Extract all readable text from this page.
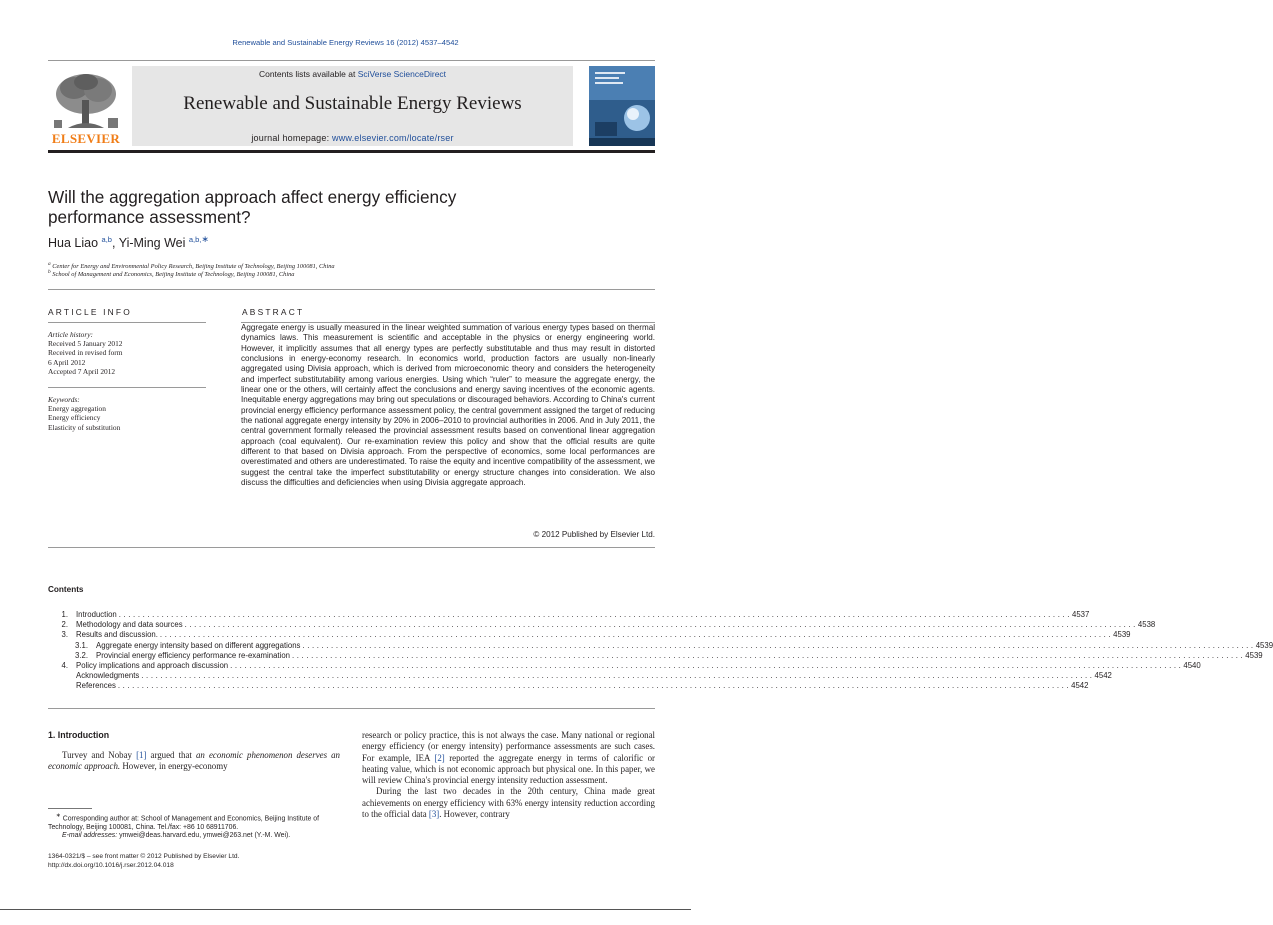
Renewable and Sustainable Energy Reviews 16 (2012) 4537–4542
ELSEVIER
Contents lists available at SciVerse ScienceDirect
Renewable and Sustainable Energy Reviews
journal homepage: www.elsevier.com/locate/rser
Will the aggregation approach affect energy efficiency performance assessment?
Hua Liao $^{a,b}$, Yi-Ming Wei $^{a,b,∗}$
$^a$ Center for Energy and Environmental Policy Research, Beijing Institute of Technology, Beijing 100081, China
$^b$ School of Management and Economics, Beijing Institute of Technology, Beijing 100081, China
ARTICLE INFO
Article history:
Received 5 January 2012
Received in revised form
6 April 2012
Accepted 7 April 2012
Keywords:
Energy aggregation
Energy efficiency
Elasticity of substitution
ABSTRACT
Aggregate energy is usually measured in the linear weighted summation of various energy types based on thermal dynamics laws. This measurement is scientific and acceptable in the physics or energy engineering world. However, it implicitly assumes that all energy types are perfectly substitutable and thus may result in distorted conclusions in energy-economy research. In economics world, production factors are usually non-linearly aggregated using Divisia approach, which is derived from microeconomic theory and considers the heterogeneity and imperfect substitutability among various energies. Using which “ruler” to measure the aggregate energy, the linear one or the others, will certainly affect the conclusions and energy saving incentives of the economic agents. Inequitable energy aggregations may bring out speculations or discouraged behaviors. According to China's current provincial energy efficiency performance assessment policy, the central government assigned the target of reducing the national aggregate energy intensity by 20% in 2006–2010 to provincial authorities in 2006. And in July 2011, the central government formally released the provincial assessment results based on conventional linear aggregation approach (coal equivalent). Our re-examination review this policy and show that the official results are quite different to that based on Divisia approach. From the perspective of economics, some local performances are overestimated and others are underestimated. To raise the equity and incentive compatibility of the assessment, we suggest the central take the imperfect substitutability or energy structure changes into consideration. We also discuss the difficulties and deficiencies when using Divisia aggregate approach.
© 2012 Published by Elsevier Ltd.
Contents
1. Introduction ........................................................................................................................................................................................................ 4537
2. Methodology and data sources ........................................................................................................................................................................................................ 4538
3. Results and discussion. ........................................................................................................................................................................................................ 4539
3.1. Aggregate energy intensity based on different aggregations ........................................................................................................................................................................................................ 4539
3.2. Provincial energy efficiency performance re-examination ........................................................................................................................................................................................................ 4539
4. Policy implications and approach discussion ........................................................................................................................................................................................................ 4540
Acknowledgments ........................................................................................................................................................................................................ 4542
References ........................................................................................................................................................................................................ 4542
1. Introduction
Turvey and Nobay [1] argued that an economic phenomenon deserves an economic approach. However, in energy-economy
∗ Corresponding author at: School of Management and Economics, Beijing Institute of Technology, Beijing 100081, China. Tel./fax: +86 10 68911706.
E-mail addresses: ymwei@deas.harvard.edu, ymwei@263.net (Y.-M. Wei).
1364-0321/$ – see front matter © 2012 Published by Elsevier Ltd.
http://dx.doi.org/10.1016/j.rser.2012.04.018

research or policy practice, this is not always the case. Many national or regional energy efficiency (or energy intensity) performance assessments are such cases. For example, IEA [2] reported the aggregate energy in terms of calorific or heating value, which is not economic approach but physical one. In this paper, we will review China's provincial energy intensity reduction assessment.

During the last two decades in the 20th century, China made great achievements on energy efficiency with 63% energy intensity reduction according to the official data [3]. However, contrary
